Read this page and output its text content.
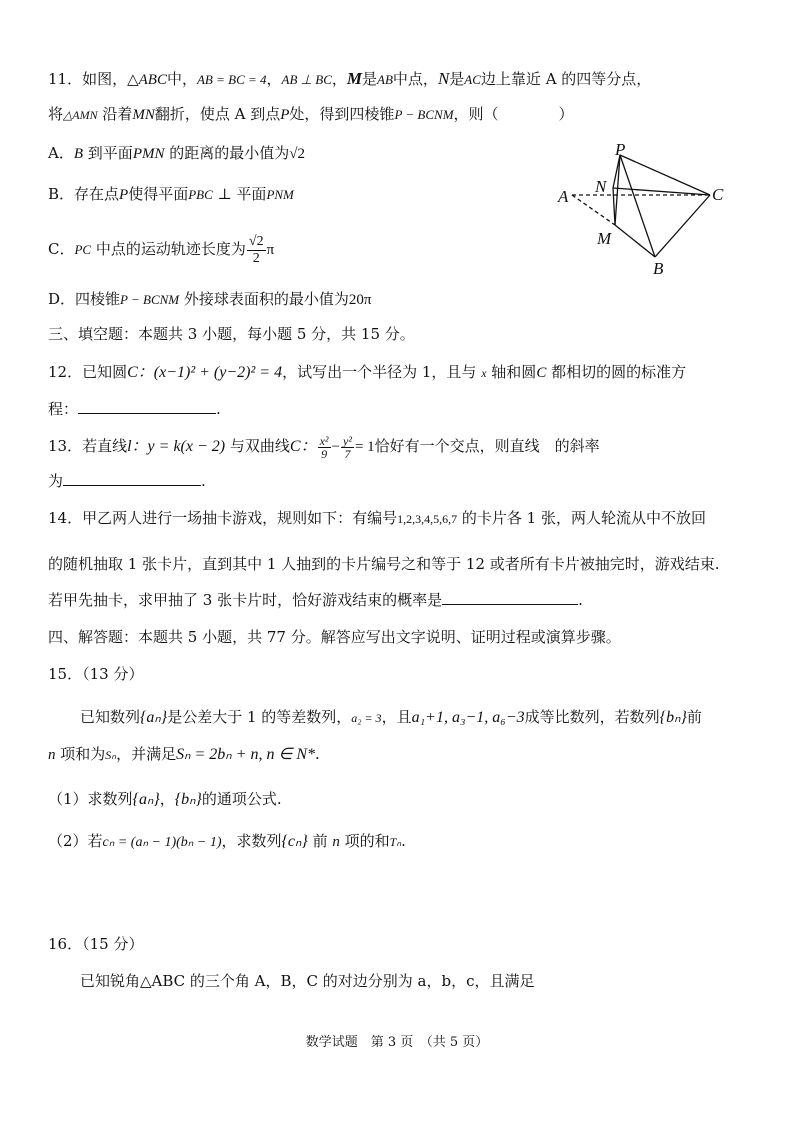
11．如图，△ABC中，AB = BC = 4，AB ⊥ BC，M是AB中点，N是AC边上靠近 A 的四等分点，
将△AMN 沿着MN翻折，使点 A 到点P处，得到四棱锥P − BCNM，则（　　　　）
A．B 到平面PMN 的距离的最小值为√2
B．存在点P使得平面PBC ⊥ 平面PNM
C．PC 中点的运动轨迹长度为 $\frac{√2}{2}$ π
D．四棱锥P − BCNM 外接球表面积的最小值为20π
P
N
A	C
M
B
三、填空题：本题共 3 小题，每小题 5 分，共 15 分。
12．已知圆C：(x−1)² + (y−2)² = 4，试写出一个半径为 1，且与 x 轴和圆C 都相切的圆的标准方
程：	.
13．若直线l：y = k(x − 2) 与双曲线C： $\frac{\text{x²}}{9} - \frac{\text{y²}}{7} = 1$恰好有一个交点，则直线　的斜率
为	.
14．甲乙两人进行一场抽卡游戏，规则如下：有编号1,2,3,4,5,6,7 的卡片各 1 张，两人轮流从中不放回
的随机抽取 1 张卡片，直到其中 1 人抽到的卡片编号之和等于 12 或者所有卡片被抽完时，游戏结束.
若甲先抽卡，求甲抽了 3 张卡片时，恰好游戏结束的概率是	.
四、解答题：本题共 5 小题，共 77 分。解答应写出文字说明、证明过程或演算步骤。
15．（13 分）
已知数列{aₙ}是公差大于 1 的等差数列，a₂ = 3，且a₁+1, a₃−1, a₆−3成等比数列，若数列{bₙ}前
n 项和为Sₙ，并满足Sₙ = 2bₙ + n, n ∈ N*.
（1）求数列{aₙ}，{bₙ}的通项公式.
（2）若cₙ = (aₙ − 1)(bₙ − 1)，求数列{cₙ} 前 n 项的和Tₙ.
16．（15 分）
已知锐角△ABC 的三个角 A，B，C 的对边分别为 a，b，c，且满足
数学试题　第 3 页　（共 5 页）
